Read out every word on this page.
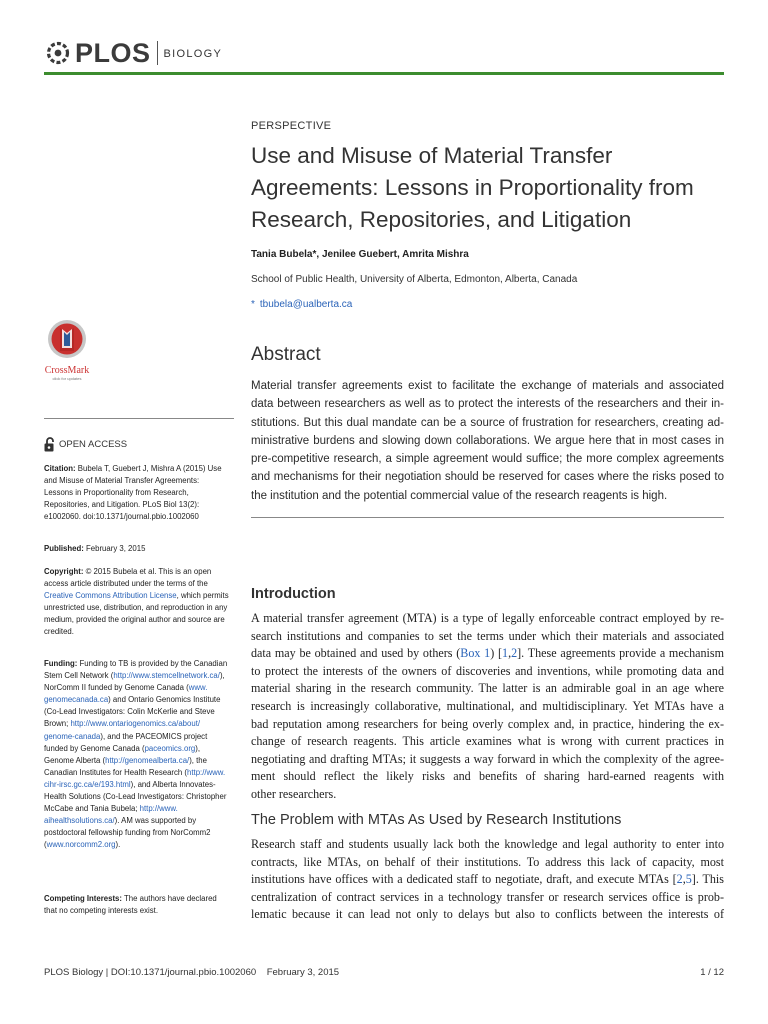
PLOS BIOLOGY
PERSPECTIVE
Use and Misuse of Material Transfer
Agreements: Lessons in Proportionality from
Research, Repositories, and Litigation
Tania Bubela*, Jenilee Guebert, Amrita Mishra
School of Public Health, University of Alberta, Edmonton, Alberta, Canada
* tbubela@ualberta.ca
Abstract
Material transfer agreements exist to facilitate the exchange of materials and associated
data between researchers as well as to protect the interests of the researchers and their in-
stitutions. But this dual mandate can be a source of frustration for researchers, creating ad-
ministrative burdens and slowing down collaborations. We argue here that in most cases in
pre-competitive research, a simple agreement would suffice; the more complex agreements
and mechanisms for their negotiation should be reserved for cases where the risks posed to
the institution and the potential commercial value of the research reagents is high.
Introduction
A material transfer agreement (MTA) is a type of legally enforceable contract employed by re-
search institutions and companies to set the terms under which their materials and associated
data may be obtained and used by others (Box 1) [1,2]. These agreements provide a mechanism
to protect the interests of the owners of discoveries and inventions, while promoting data and
material sharing in the research community. The latter is an admirable goal in an age where
research is increasingly collaborative, multinational, and multidisciplinary. Yet MTAs have a
bad reputation among researchers for being overly complex and, in practice, hindering the ex-
change of research reagents. This article examines what is wrong with current practices in
negotiating and drafting MTAs; it suggests a way forward in which the complexity of the agree-
ment should reflect the likely risks and benefits of sharing hard-earned reagents with
other researchers.
The Problem with MTAs As Used by Research Institutions
Research staff and students usually lack both the knowledge and legal authority to enter into
contracts, like MTAs, on behalf of their institutions. To address this lack of capacity, most
institutions have offices with a dedicated staff to negotiate, draft, and execute MTAs [2,5]. This
centralization of contract services in a technology transfer or research services office is prob-
lematic because it can lead not only to delays but also to conflicts between the interests of
CrossMark
click for updates
OPEN ACCESS
Citation: Bubela T, Guebert J, Mishra A (2015) Use
and Misuse of Material Transfer Agreements:
Lessons in Proportionality from Research,
Repositories, and Litigation. PLoS Biol 13(2):
e1002060. doi:10.1371/journal.pbio.1002060
Published: February 3, 2015
Copyright: © 2015 Bubela et al. This is an open
access article distributed under the terms of the
Creative Commons Attribution License, which permits
unrestricted use, distribution, and reproduction in any
medium, provided the original author and source are
credited.
Funding: Funding to TB is provided by the Canadian
Stem Cell Network (http://www.stemcellnetwork.ca/),
NorComm II funded by Genome Canada (www.
genomecanada.ca) and Ontario Genomics Institute
(Co-Lead Investigators: Colin McKerlie and Steve
Brown; http://www.ontariogenomics.ca/about/
genome-canada), and the PACEOMICS project
funded by Genome Canada (paceomics.org),
Genome Alberta (http://genomealberta.ca/), the
Canadian Institutes for Health Research (http://www.
cihr-irsc.gc.ca/e/193.html), and Alberta Innovates-
Health Solutions (Co-Lead Investigators: Christopher
McCabe and Tania Bubela; http://www.
aihealthsolutions.ca/). AM was supported by
postdoctoral fellowship funding from NorComm2
(www.norcomm2.org).
Competing Interests: The authors have declared
that no competing interests exist.
PLOS Biology | DOI:10.1371/journal.pbio.1002060    February 3, 2015	1 / 12
